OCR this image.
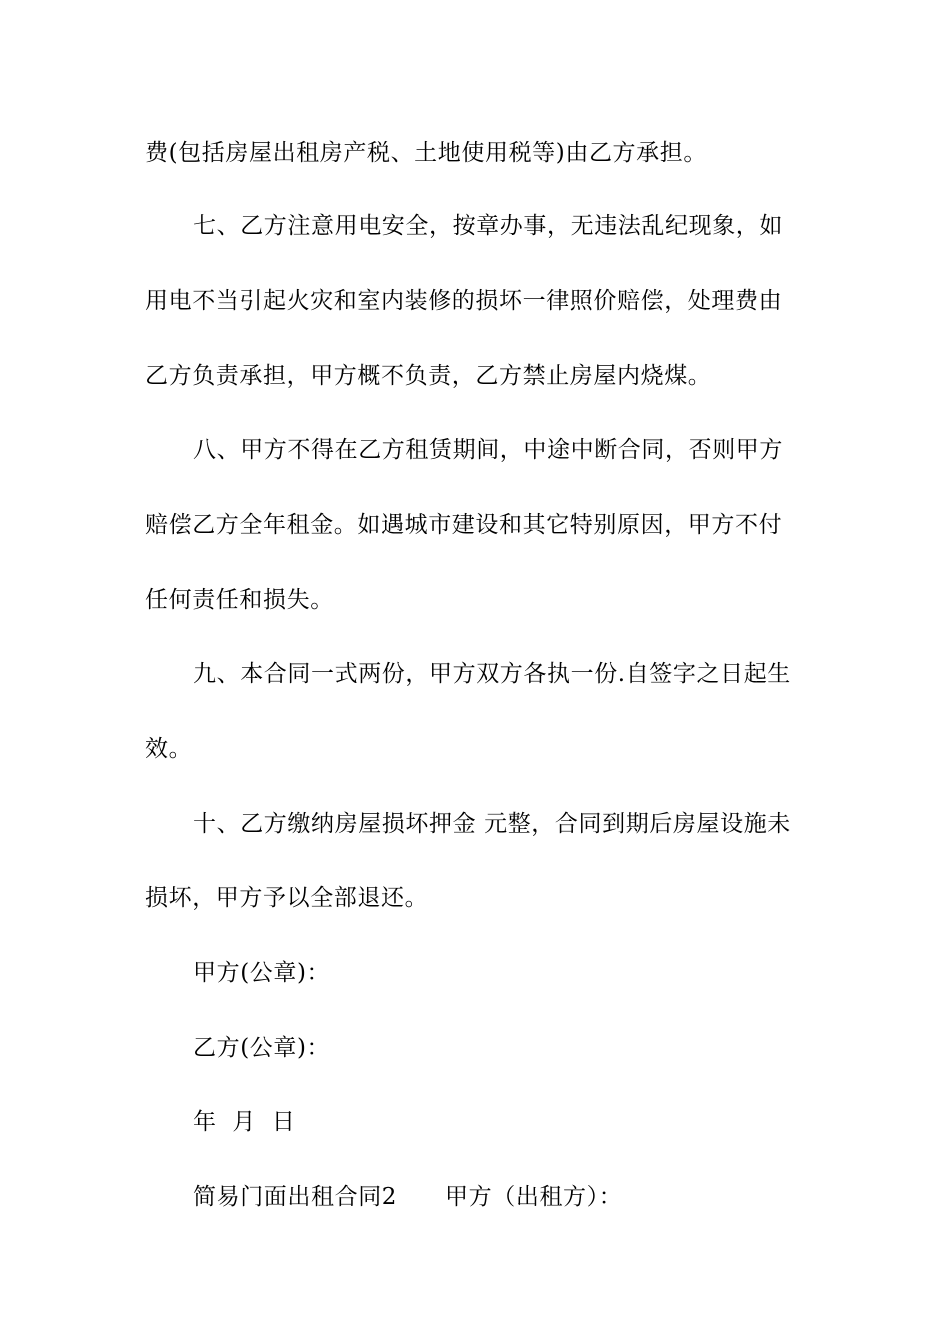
费(包括房屋出租房产税、土地使用税等)由乙方承担。
七、乙方注意用电安全，按章办事，无违法乱纪现象，如
用电不当引起火灾和室内装修的损坏一律照价赔偿，处理费由
乙方负责承担，甲方概不负责，乙方禁止房屋内烧煤。
八、甲方不得在乙方租赁期间，中途中断合同，否则甲方
赔偿乙方全年租金。如遇城市建设和其它特别原因，甲方不付
任何责任和损失。
九、本合同一式两份，甲方双方各执一份.自签字之日起生
效。
十、乙方缴纳房屋损坏押金 元整，合同到期后房屋设施未
损坏，甲方予以全部退还。
甲方(公章)：
乙方(公章)：
年  月  日
简易门面出租合同2 甲方（出租方）：
